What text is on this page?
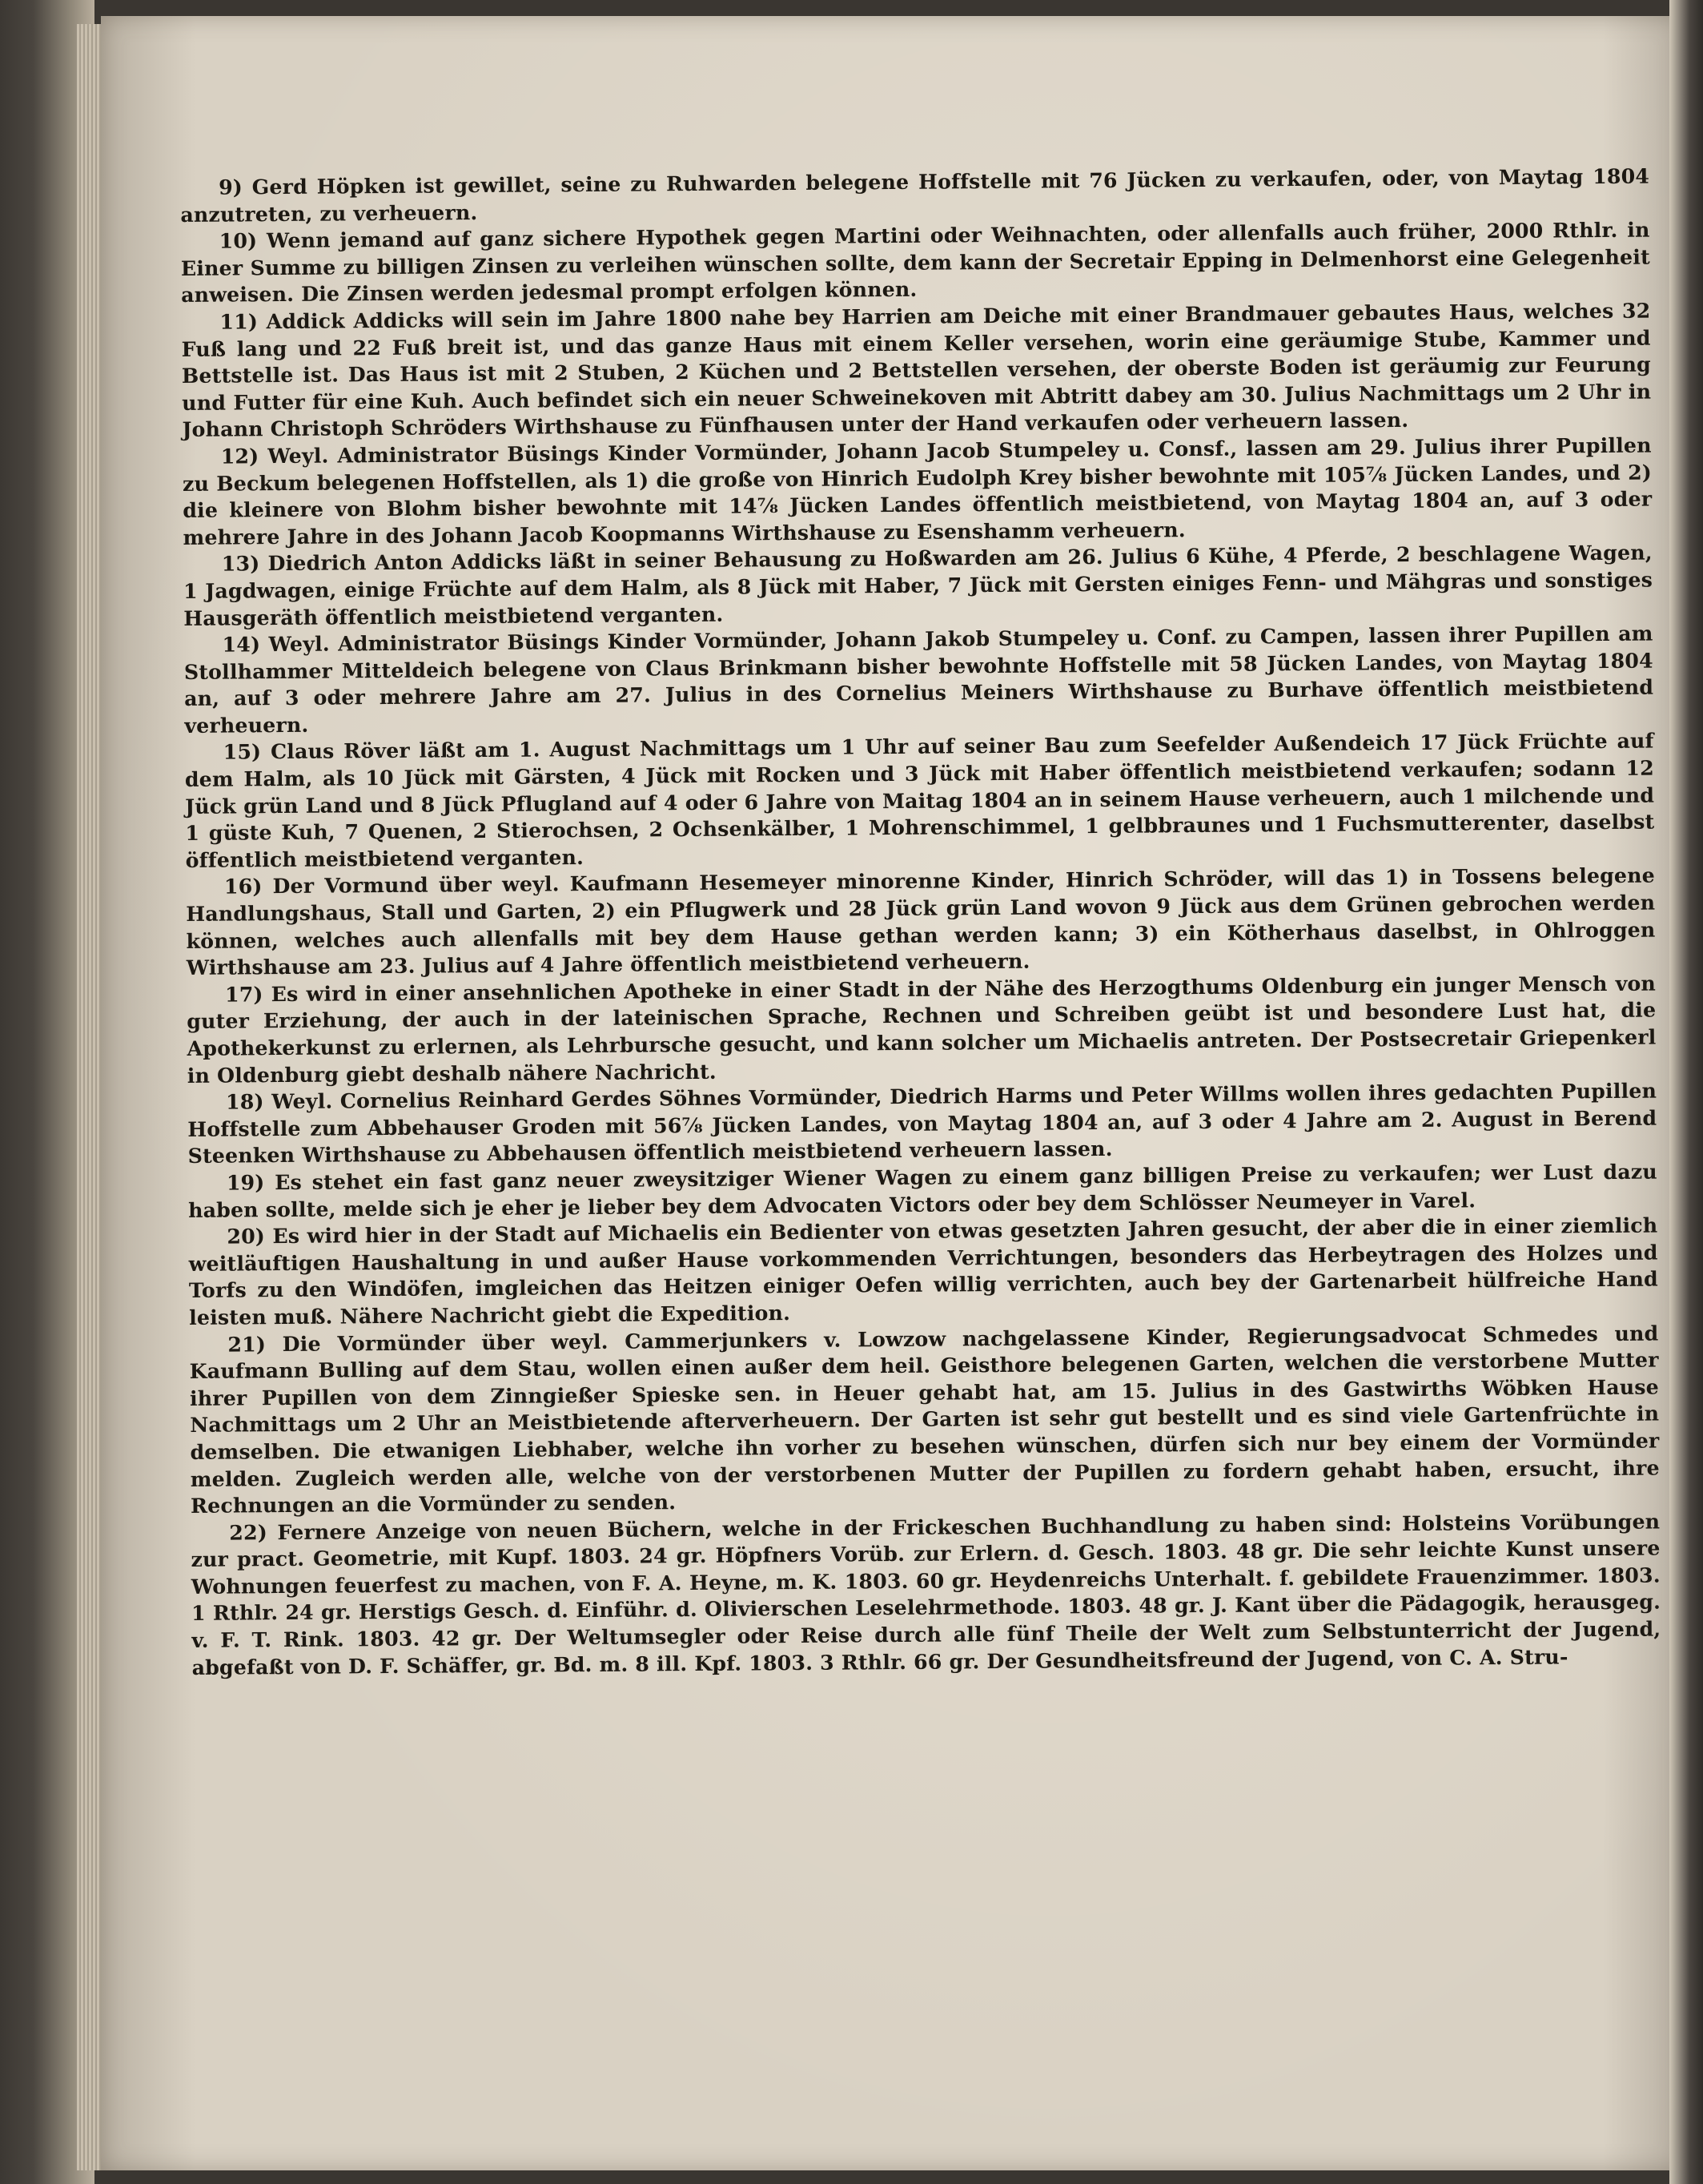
9) Gerd Höpken ist gewillet, seine zu Ruhwarden belegene Hoffstelle mit 76 Jücken zu verkaufen, oder, von Maytag 1804 anzutreten, zu verheuern.

10) Wenn jemand auf ganz sichere Hypothek gegen Martini oder Weihnachten, oder allenfalls auch früher, 2000 Rthlr. in Einer Summe zu billigen Zinsen zu verleihen wünschen sollte, dem kann der Secretair Epping in Delmenhorst eine Gelegenheit anweisen. Die Zinsen werden jedesmal prompt erfolgen können.

11) Addick Addicks will sein im Jahre 1800 nahe bey Harrien am Deiche mit einer Brandmauer gebautes Haus, welches 32 Fuß lang und 22 Fuß breit ist, und das ganze Haus mit einem Keller versehen, worin eine geräumige Stube, Kammer und Bettstelle ist. Das Haus ist mit 2 Stuben, 2 Küchen und 2 Bettstellen versehen, der oberste Boden ist geräumig zur Feurung und Futter für eine Kuh. Auch befindet sich ein neuer Schweinekoven mit Abtritt dabey am 30. Julius Nachmittags um 2 Uhr in Johann Christoph Schröders Wirthshause zu Fünfhausen unter der Hand verkaufen oder verheuern lassen.

12) Weyl. Administrator Büsings Kinder Vormünder, Johann Jacob Stumpeley u. Consf., lassen am 29. Julius ihrer Pupillen zu Beckum belegenen Hoffstellen, als 1) die große von Hinrich Eudolph Krey bisher bewohnte mit 105⅞ Jücken Landes, und 2) die kleinere von Blohm bisher bewohnte mit 14⅞ Jücken Landes öffentlich meistbietend, von Maytag 1804 an, auf 3 oder mehrere Jahre in des Johann Jacob Koopmanns Wirthshause zu Esenshamm verheuern.

13) Diedrich Anton Addicks läßt in seiner Behausung zu Hoßwarden am 26. Julius 6 Kühe, 4 Pferde, 2 beschlagene Wagen, 1 Jagdwagen, einige Früchte auf dem Halm, als 8 Jück mit Haber, 7 Jück mit Gersten einiges Fenn- und Mähgras und sonstiges Hausgeräth öffentlich meistbietend verganten.

14) Weyl. Administrator Büsings Kinder Vormünder, Johann Jakob Stumpeley u. Conf. zu Campen, lassen ihrer Pupillen am Stollhammer Mitteldeich belegene von Claus Brinkmann bisher bewohnte Hoffstelle mit 58 Jücken Landes, von Maytag 1804 an, auf 3 oder mehrere Jahre am 27. Julius in des Cornelius Meiners Wirthshause zu Burhave öffentlich meistbietend verheuern.

15) Claus Röver läßt am 1. August Nachmittags um 1 Uhr auf seiner Bau zum Seefelder Außendeich 17 Jück Früchte auf dem Halm, als 10 Jück mit Gärsten, 4 Jück mit Rocken und 3 Jück mit Haber öffentlich meistbietend verkaufen; sodann 12 Jück grün Land und 8 Jück Pflugland auf 4 oder 6 Jahre von Maitag 1804 an in seinem Hause verheuern, auch 1 milchende und 1 güste Kuh, 7 Quenen, 2 Stierochsen, 2 Ochsenkälber, 1 Mohrenschimmel, 1 gelbbraunes und 1 Fuchsmutterenter, daselbst öffentlich meistbietend verganten.

16) Der Vormund über weyl. Kaufmann Hesemeyer minorenne Kinder, Hinrich Schröder, will das 1) in Tossens belegene Handlungshaus, Stall und Garten, 2) ein Pflugwerk und 28 Jück grün Land wovon 9 Jück aus dem Grünen gebrochen werden können, welches auch allenfalls mit bey dem Hause gethan werden kann; 3) ein Kötherhaus daselbst, in Ohlroggen Wirthshause am 23. Julius auf 4 Jahre öffentlich meistbietend verheuern.

17) Es wird in einer ansehnlichen Apotheke in einer Stadt in der Nähe des Herzogthums Oldenburg ein junger Mensch von guter Erziehung, der auch in der lateinischen Sprache, Rechnen und Schreiben geübt ist und besondere Lust hat, die Apothekerkunst zu erlernen, als Lehrbursche gesucht, und kann solcher um Michaelis antreten. Der Postsecretair Griepenkerl in Oldenburg giebt deshalb nähere Nachricht.

18) Weyl. Cornelius Reinhard Gerdes Söhnes Vormünder, Diedrich Harms und Peter Willms wollen ihres gedachten Pupillen Hoffstelle zum Abbehauser Groden mit 56⅞ Jücken Landes, von Maytag 1804 an, auf 3 oder 4 Jahre am 2. August in Berend Steenken Wirthshause zu Abbehausen öffentlich meistbietend verheuern lassen.

19) Es stehet ein fast ganz neuer zweysitziger Wiener Wagen zu einem ganz billigen Preise zu verkaufen; wer Lust dazu haben sollte, melde sich je eher je lieber bey dem Advocaten Victors oder bey dem Schlösser Neumeyer in Varel.

20) Es wird hier in der Stadt auf Michaelis ein Bedienter von etwas gesetzten Jahren gesucht, der aber die in einer ziemlich weitläuftigen Haushaltung in und außer Hause vorkommenden Verrichtungen, besonders das Herbeytragen des Holzes und Torfs zu den Windöfen, imgleichen das Heitzen einiger Oefen willig verrichten, auch bey der Gartenarbeit hülfreiche Hand leisten muß. Nähere Nachricht giebt die Expedition.

21) Die Vormünder über weyl. Cammerjunkers v. Lowzow nachgelassene Kinder, Regierungsadvocat Schmedes und Kaufmann Bulling auf dem Stau, wollen einen außer dem heil. Geisthore belegenen Garten, welchen die verstorbene Mutter ihrer Pupillen von dem Zinngießer Spieske sen. in Heuer gehabt hat, am 15. Julius in des Gastwirths Wöbken Hause Nachmittags um 2 Uhr an Meistbietende afterverheuern. Der Garten ist sehr gut bestellt und es sind viele Gartenfrüchte in demselben. Die etwanigen Liebhaber, welche ihn vorher zu besehen wünschen, dürfen sich nur bey einem der Vormünder melden. Zugleich werden alle, welche von der verstorbenen Mutter der Pupillen zu fordern gehabt haben, ersucht, ihre Rechnungen an die Vormünder zu senden.

22) Fernere Anzeige von neuen Büchern, welche in der Frickeschen Buchhandlung zu haben sind: Holsteins Vorübungen zur pract. Geometrie, mit Kupf. 1803. 24 gr. Höpfners Vorüb. zur Erlern. d. Gesch. 1803. 48 gr. Die sehr leichte Kunst unsere Wohnungen feuerfest zu machen, von F. A. Heyne, m. K. 1803. 60 gr. Heydenreichs Unterhalt. f. gebildete Frauenzimmer. 1803. 1 Rthlr. 24 gr. Herstigs Gesch. d. Einführ. d. Olivierschen Leselehrmethode. 1803. 48 gr. J. Kant über die Pädagogik, herausgeg. v. F. T. Rink. 1803. 42 gr. Der Weltumsegler oder Reise durch alle fünf Theile der Welt zum Selbstunterricht der Jugend, abgefaßt von D. F. Schäffer, gr. Bd. m. 8 ill. Kpf. 1803. 3 Rthlr. 66 gr. Der Gesundheitsfreund der Jugend, von C. A. Stru-
